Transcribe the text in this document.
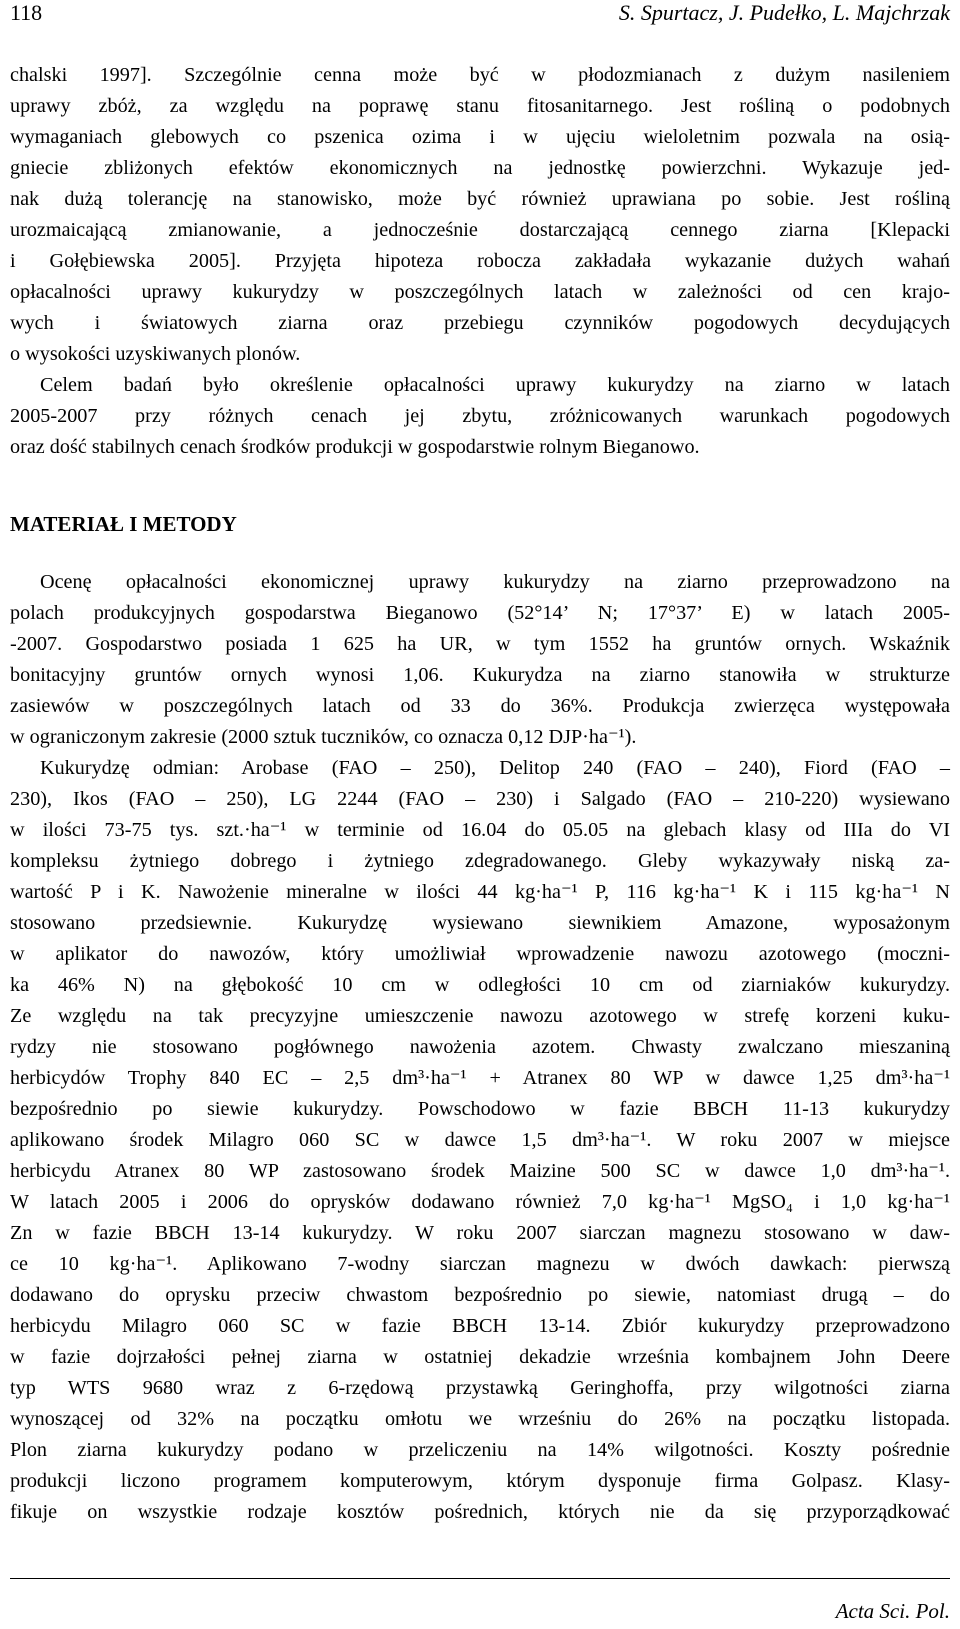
118	S. Spurtacz, J. Pudełko, L. Majchrzak
chalski 1997]. Szczególnie cenna może być w płodozmianach z dużym nasileniem
uprawy zbóż, za względu na poprawę stanu fitosanitarnego. Jest rośliną o podobnych
wymaganiach glebowych co pszenica ozima i w ujęciu wieloletnim pozwala na osią-
gniecie zbliżonych efektów ekonomicznych na jednostkę powierzchni. Wykazuje jed-
nak dużą tolerancję na stanowisko, może być również uprawiana po sobie. Jest rośliną
urozmaicającą zmianowanie, a jednocześnie dostarczającą cennego ziarna [Klepacki
i Gołębiewska 2005]. Przyjęta hipoteza robocza zakładała wykazanie dużych wahań
opłacalności uprawy kukurydzy w poszczególnych latach w zależności od cen krajo-
wych i światowych ziarna oraz przebiegu czynników pogodowych decydujących
o wysokości uzyskiwanych plonów.
Celem badań było określenie opłacalności uprawy kukurydzy na ziarno w latach
2005-2007 przy różnych cenach jej zbytu, zróżnicowanych warunkach pogodowych
oraz dość stabilnych cenach środków produkcji w gospodarstwie rolnym Bieganowo.
MATERIAŁ I METODY
Ocenę opłacalności ekonomicznej uprawy kukurydzy na ziarno przeprowadzono na
polach produkcyjnych gospodarstwa Bieganowo (52°14’ N; 17°37’ E) w latach 2005-
-2007. Gospodarstwo posiada 1 625 ha UR, w tym 1552 ha gruntów ornych. Wskaźnik
bonitacyjny gruntów ornych wynosi 1,06. Kukurydza na ziarno stanowiła w strukturze
zasiewów w poszczególnych latach od 33 do 36%. Produkcja zwierzęca występowała
w ograniczonym zakresie (2000 sztuk tuczników, co oznacza 0,12 DJP·ha⁻¹).
Kukurydzę odmian: Arobase (FAO – 250), Delitop 240 (FAO – 240), Fiord (FAO –
230), Ikos (FAO – 250), LG 2244 (FAO – 230) i Salgado (FAO – 210-220) wysiewano
w ilości 73-75 tys. szt.·ha⁻¹ w terminie od 16.04 do 05.05 na glebach klasy od IIIa do VI
kompleksu żytniego dobrego i żytniego zdegradowanego. Gleby wykazywały niską za-
wartość P i K. Nawożenie mineralne w ilości 44 kg·ha⁻¹ P, 116 kg·ha⁻¹ K i 115 kg·ha⁻¹ N
stosowano przedsiewnie. Kukurydzę wysiewano siewnikiem Amazone, wyposażonym
w aplikator do nawozów, który umożliwiał wprowadzenie nawozu azotowego (moczni-
ka 46% N) na głębokość 10 cm w odległości 10 cm od ziarniaków kukurydzy.
Ze względu na tak precyzyjne umieszczenie nawozu azotowego w strefę korzeni kuku-
rydzy nie stosowano pogłównego nawożenia azotem. Chwasty zwalczano mieszaniną
herbicydów Trophy 840 EC – 2,5 dm³·ha⁻¹ + Atranex 80 WP w dawce 1,25 dm³·ha⁻¹
bezpośrednio po siewie kukurydzy. Powschodowo w fazie BBCH 11-13 kukurydzy
aplikowano środek Milagro 060 SC w dawce 1,5 dm³·ha⁻¹. W roku 2007 w miejsce
herbicydu Atranex 80 WP zastosowano środek Maizine 500 SC w dawce 1,0 dm³·ha⁻¹.
W latach 2005 i 2006 do oprysków dodawano również 7,0 kg·ha⁻¹ MgSO₄ i 1,0 kg·ha⁻¹
Zn w fazie BBCH 13-14 kukurydzy. W roku 2007 siarczan magnezu stosowano w daw-
ce 10 kg·ha⁻¹. Aplikowano 7-wodny siarczan magnezu w dwóch dawkach: pierwszą
dodawano do oprysku przeciw chwastom bezpośrednio po siewie, natomiast drugą – do
herbicydu Milagro 060 SC w fazie BBCH 13-14. Zbiór kukurydzy przeprowadzono
w fazie dojrzałości pełnej ziarna w ostatniej dekadzie września kombajnem John Deere
typ WTS 9680 wraz z 6-rzędową przystawką Geringhoffa, przy wilgotności ziarna
wynoszącej od 32% na początku omłotu we wrześniu do 26% na początku listopada.
Plon ziarna kukurydzy podano w przeliczeniu na 14% wilgotności. Koszty pośrednie
produkcji liczono programem komputerowym, którym dysponuje firma Golpasz. Klasy-
fikuje on wszystkie rodzaje kosztów pośrednich, których nie da się przyporządkować
Acta Sci. Pol.
